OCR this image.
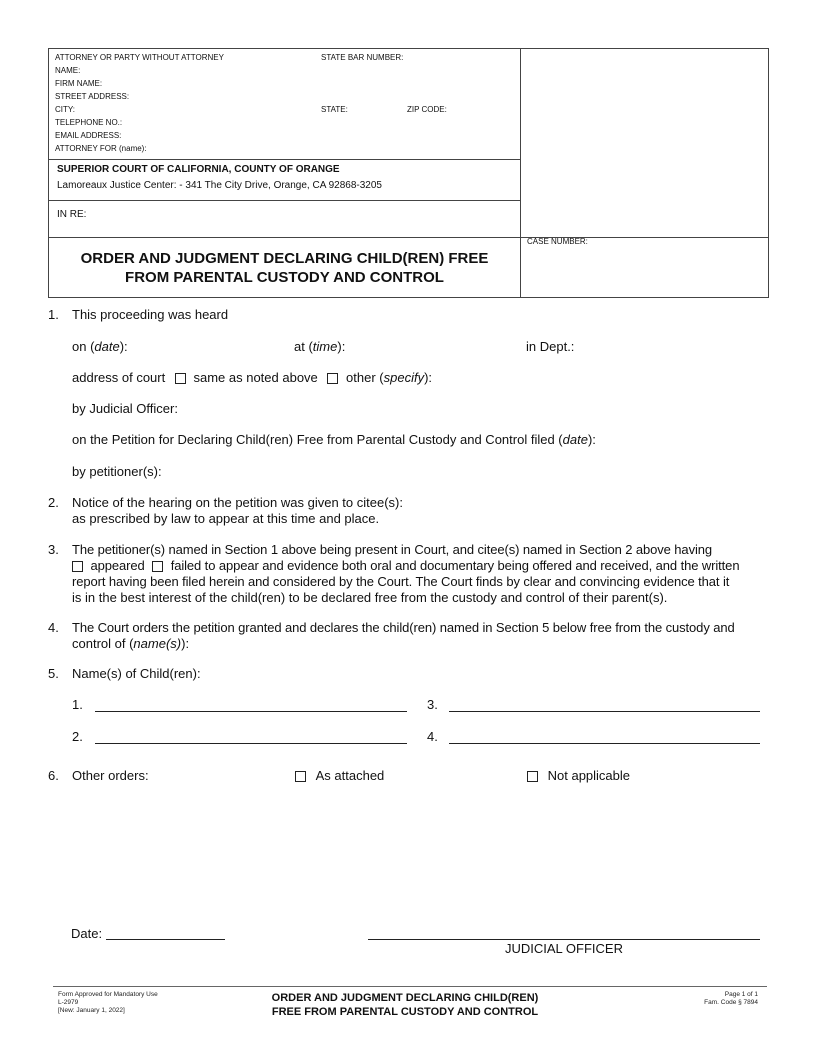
ATTORNEY OR PARTY WITHOUT ATTORNEY
NAME:
FIRM NAME:
STREET ADDRESS:
CITY:
TELEPHONE NO.:
EMAIL ADDRESS:
ATTORNEY FOR (name):
STATE BAR NUMBER:
STATE:	ZIP CODE:
SUPERIOR COURT OF CALIFORNIA, COUNTY OF ORANGE
Lamoreaux Justice Center: - 341 The City Drive, Orange, CA 92868-3205
IN RE:
ORDER AND JUDGMENT DECLARING CHILD(REN) FREE
FROM PARENTAL CUSTODY AND CONTROL
CASE NUMBER:
1. This proceeding was heard
on (date):	at (time):	in Dept.:
address of court same as noted above other (specify):
by Judicial Officer:
on the Petition for Declaring Child(ren) Free from Parental Custody and Control filed (date):
by petitioner(s):
2. Notice of the hearing on the petition was given to citee(s):
as prescribed by law to appear at this time and place.
3. The petitioner(s) named in Section 1 above being present in Court, and citee(s) named in Section 2 above having
appeared failed to appear and evidence both oral and documentary being offered and received, and the written
report having been filed herein and considered by the Court. The Court finds by clear and convincing evidence that it
is in the best interest of the child(ren) to be declared free from the custody and control of their parent(s).
4. The Court orders the petition granted and declares the child(ren) named in Section 5 below free from the custody and
control of (name(s)):
5. Name(s) of Child(ren):
1.	3.
2.	4.
6. Other orders:	As attached	Not applicable
Date:
JUDICIAL OFFICER
Form Approved for Mandatory Use
L-2979
[New: January 1, 2022]
ORDER AND JUDGMENT DECLARING CHILD(REN)
FREE FROM PARENTAL CUSTODY AND CONTROL
Page 1 of 1
Fam. Code § 7894
